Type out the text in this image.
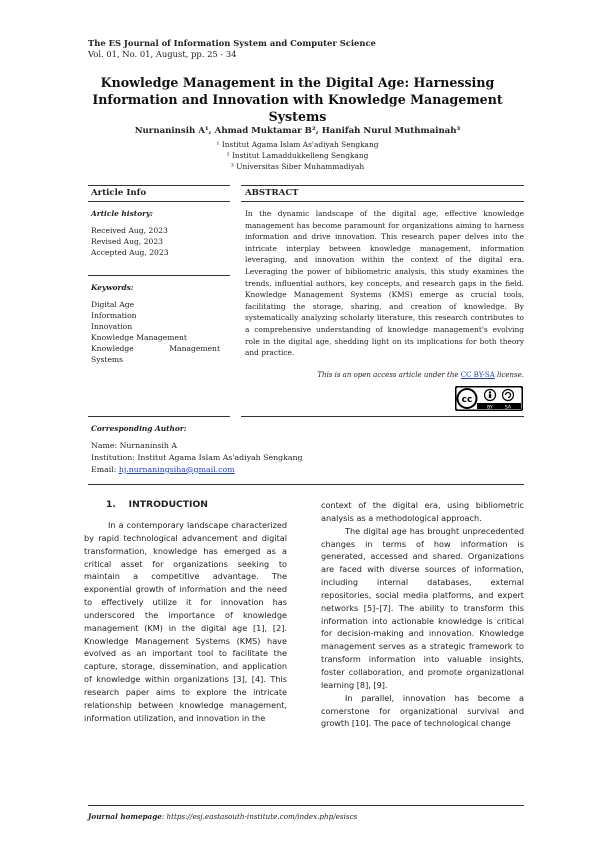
The ES Journal of Information System and Computer Science
Vol. 01, No. 01, August, pp. 25 - 34
Knowledge Management in the Digital Age: Harnessing
Information and Innovation with Knowledge Management Systems
Nurnaninsih A¹, Ahmad Muktamar B², Hanifah Nurul Muthmainah³
¹ Institut Agama Islam As'adiyah Sengkang
² Institut Lamaddukkelleng Sengkang
³ Universitas Siber Muhammadiyah
Article Info	ABSTRACT
Article history:
Received Aug, 2023
Revised Aug, 2023
Accepted Aug, 2023
Keywords:
Digital Age
Information
Innovation
Knowledge Management
Knowledge	Management
Systems
In the dynamic landscape of the digital age, effective knowledge management has become paramount for organizations aiming to harness information and drive innovation. This research paper delves into the intricate interplay between knowledge management, information leveraging, and innovation within the context of the digital era. Leveraging the power of bibliometric analysis, this study examines the trends, influential authors, key concepts, and research gaps in the field. Knowledge Management Systems (KMS) emerge as crucial tools, facilitating the storage, sharing, and creation of knowledge. By systematically analyzing scholarly literature, this research contributes to a comprehensive understanding of knowledge management's evolving role in the digital age, shedding light on its implications for both theory and practice.
This is an open access article under the CC BY-SA license.
cc
BY	SA
Corresponding Author:
Name: Nurnaninsih A
Institution: Institut Agama Islam As'adiyah Sengkang
Email: hj.nurnaningsiha@gmail.com
1.    INTRODUCTION

In a contemporary landscape characterized by rapid technological advancement and digital transformation, knowledge has emerged as a critical asset for organizations seeking to maintain a competitive advantage. The exponential growth of information and the need to effectively utilize it for innovation has underscored the importance of knowledge management (KM) in the digital age [1], [2]. Knowledge Management Systems (KMS) have evolved as an important tool to facilitate the capture, storage, dissemination, and application of knowledge within organizations [3], [4]. This research paper aims to explore the intricate relationship between knowledge management, information utilization, and innovation in the

context of the digital era, using bibliometric analysis as a methodological approach.

The digital age has brought unprecedented changes in terms of how information is generated, accessed and shared. Organizations are faced with diverse sources of information, including internal databases, external repositories, social media platforms, and expert networks [5]–[7]. The ability to transform this information into actionable knowledge is critical for decision-making and innovation. Knowledge management serves as a strategic framework to transform information into valuable insights, foster collaboration, and promote organizational learning [8], [9].

In parallel, innovation has become a cornerstone for organizational survival and growth [10]. The pace of technological change

Journal homepage: https://esj.eastasouth-institute.com/index.php/esiscs
